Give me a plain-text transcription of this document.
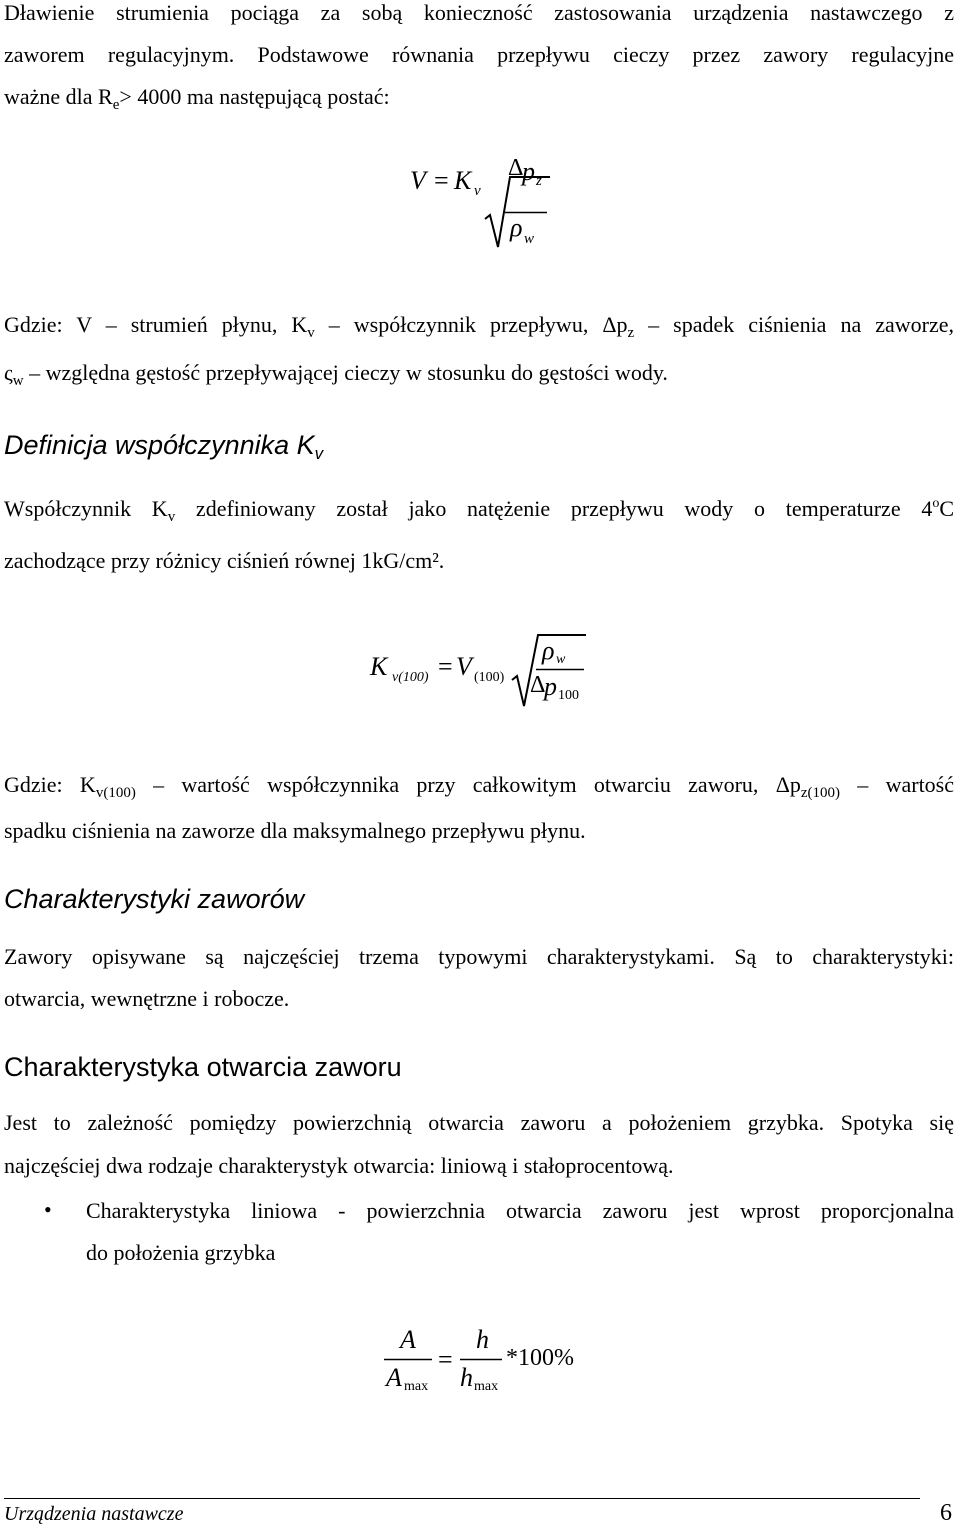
Dławienie strumienia pociąga za sobą konieczność zastosowania urządzenia nastawczego z
zaworem regulacyjnym. Podstawowe równania przepływu cieczy przez zawory regulacyjne
ważne dla $R_e> 4000$ ma następującą postać:
V = K v
Δ
p z
ρ w
Gdzie: V – strumień płynu, $K_v$ – współczynnik przepływu, $\Delta p_z$ – spadek ciśnienia na zaworze,
$\varsigma_w$ – względna gęstość przepływającej cieczy w stosunku do gęstości wody.
Definicja współczynnika $K_v$
Współczynnik $K_v$ zdefiniowany został jako natężenie przepływu wody o temperaturze 4$^o$C
zachodzące przy różnicy ciśnień równej 1kG/cm².
K v(100) = V (100)
ρ w
Δ
p 100
Gdzie: $K_{v(100)}$ – wartość współczynnika przy całkowitym otwarciu zaworu, $\Delta p_{z(100)}$ – wartość
spadku ciśnienia na zaworze dla maksymalnego przepływu płynu.
Charakterystyki zaworów
Zawory opisywane są najczęściej trzema typowymi charakterystykami. Są to charakterystyki:
otwarcia, wewnętrzne i robocze.
Charakterystyka otwarcia zaworu
Jest to zależność pomiędzy powierzchnią otwarcia zaworu a położeniem grzybka. Spotyka się
najczęściej dwa rodzaje charakterystyk otwarcia: liniową i stałoprocentową.
• Charakterystyka liniowa - powierzchnia otwarcia zaworu jest wprost proporcjonalna
do położenia grzybka
A
A max
=
h
h max
*100%
Urządzenia nastawcze	6
